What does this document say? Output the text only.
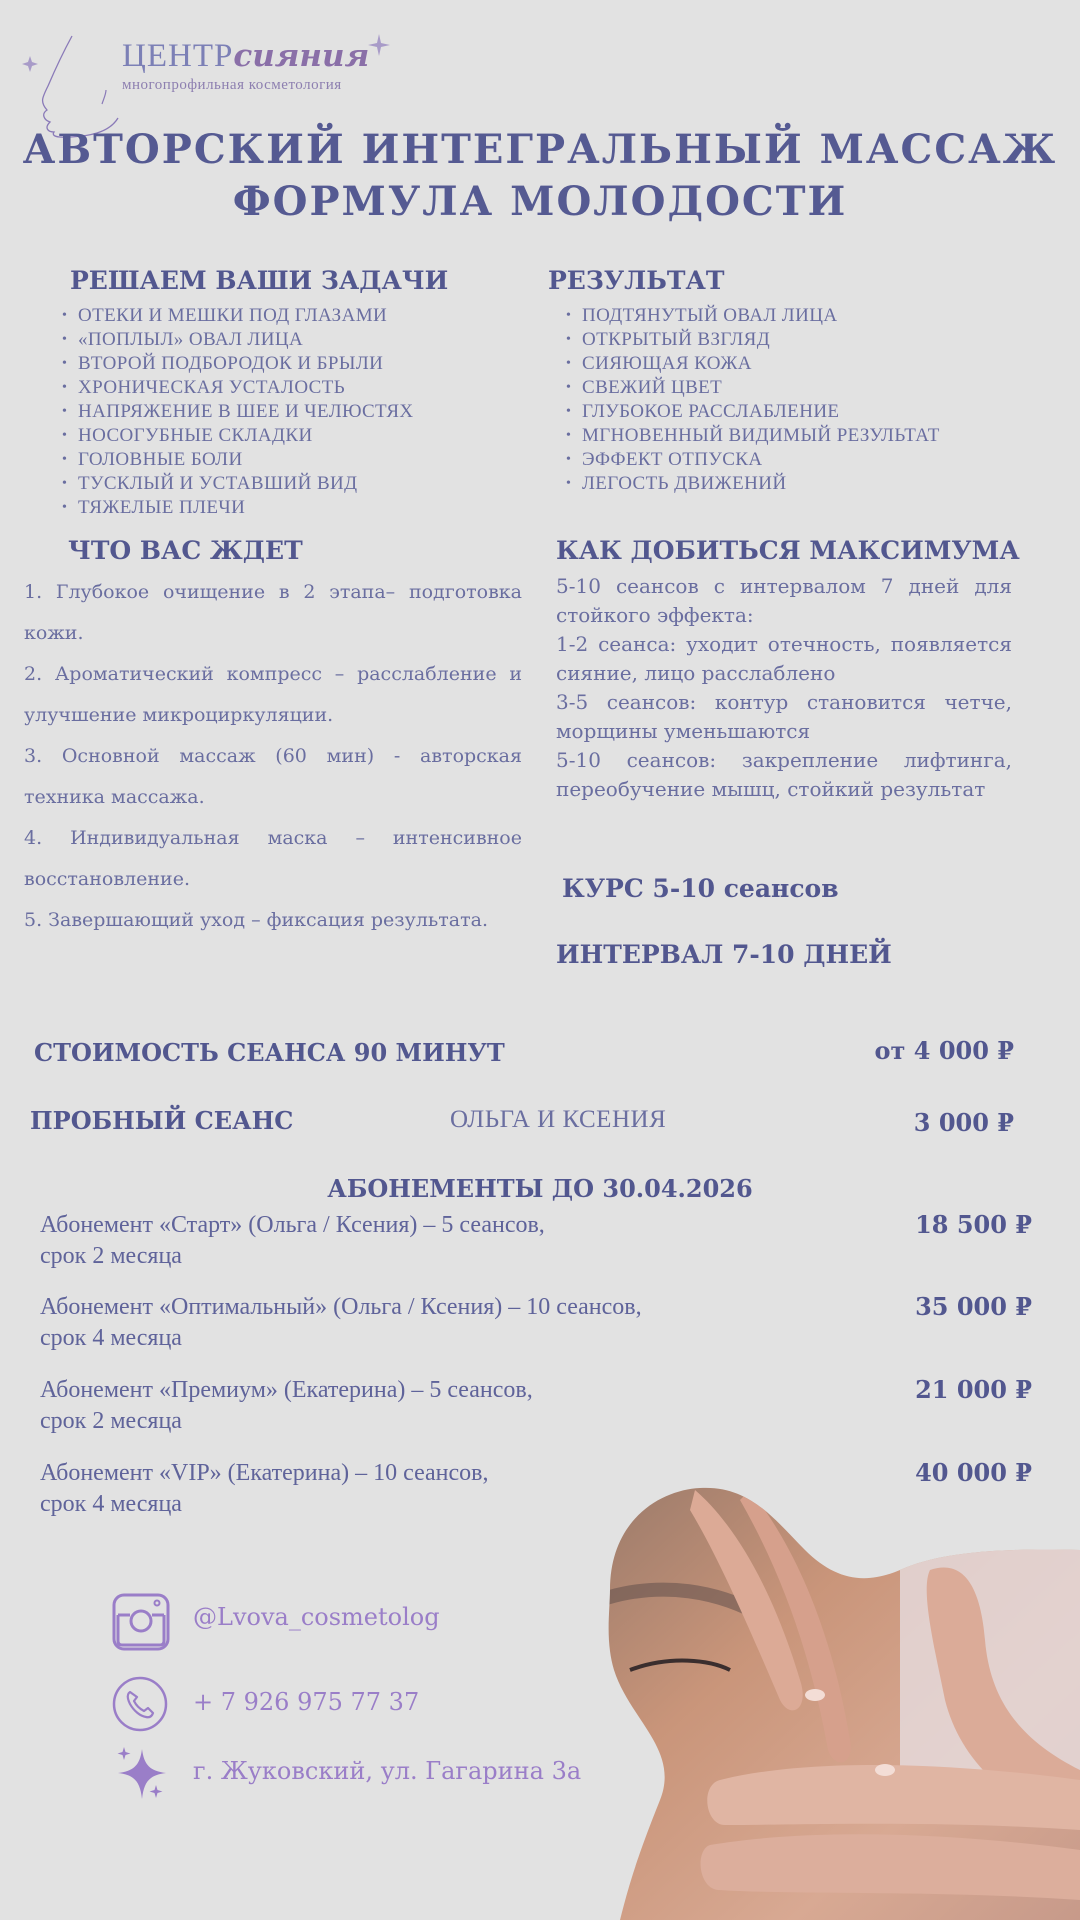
ЦЕНТРсияния
многопрофильная косметология
АВТОРСКИЙ ИНТЕГРАЛЬНЫЙ МАССАЖ
ФОРМУЛА МОЛОДОСТИ
РЕШАЕМ ВАШИ ЗАДАЧИ
• ОТЕКИ И МЕШКИ ПОД ГЛАЗАМИ
• «ПОПЛЫЛ» ОВАЛ ЛИЦА
• ВТОРОЙ ПОДБОРОДОК И БРЫЛИ
• ХРОНИЧЕСКАЯ УСТАЛОСТЬ
• НАПРЯЖЕНИЕ В ШЕЕ И ЧЕЛЮСТЯХ
• НОСОГУБНЫЕ СКЛАДКИ
• ГОЛОВНЫЕ БОЛИ
• ТУСКЛЫЙ И УСТАВШИЙ ВИД
• ТЯЖЕЛЫЕ ПЛЕЧИ
РЕЗУЛЬТАТ
• ПОДТЯНУТЫЙ ОВАЛ ЛИЦА
• ОТКРЫТЫЙ ВЗГЛЯД
• СИЯЮЩАЯ КОЖА
• СВЕЖИЙ ЦВЕТ
• ГЛУБОКОЕ РАССЛАБЛЕНИЕ
• МГНОВЕННЫЙ ВИДИМЫЙ РЕЗУЛЬТАТ
• ЭФФЕКТ ОТПУСКА
• ЛЕГОСТЬ ДВИЖЕНИЙ
ЧТО ВАС ЖДЕТ

1. Глубокое очищение в 2 этапа– подготовка кожи.

2. Ароматический компресс – расслабление и улучшение микроциркуляции.

3. Основной массаж (60 мин) - авторская техника массажа.

4. Индивидуальная маска – интенсивное восстановление.

5. Завершающий уход – фиксация результата.

КАК ДОБИТЬСЯ МАКСИМУМА

5-10 сеансов с интервалом 7 дней для стойкого эффекта:

1-2 сеанса: уходит отечность, появляется сияние, лицо расслаблено

3-5 сеансов: контур становится четче, морщины уменьшаются

5-10 сеансов: закрепление лифтинга, переобучение мышц, стойкий результат

КУРС 5-10 сеансов
ИНТЕРВАЛ 7-10 ДНЕЙ
СТОИМОСТЬ СЕАНСА 90 МИНУТ	от 4 000 ₽
ПРОБНЫЙ СЕАНС	ОЛЬГА И КСЕНИЯ	3 000 ₽
АБОНЕМЕНТЫ ДО 30.04.2026
Абонемент «Старт» (Ольга / Ксения) – 5 сеансов,
срок 2 месяца
18 500 ₽
Абонемент «Оптимальный» (Ольга / Ксения) – 10 сеансов,
срок 4 месяца
35 000 ₽
Абонемент «Премиум» (Екатерина) – 5 сеансов,
срок 2 месяца
21 000 ₽
Абонемент «VIP» (Екатерина) – 10 сеансов,
срок 4 месяца
40 000 ₽
@Lvova_cosmetolog
+ 7 926 975 77 37
г. Жуковский, ул. Гагарина 3а
